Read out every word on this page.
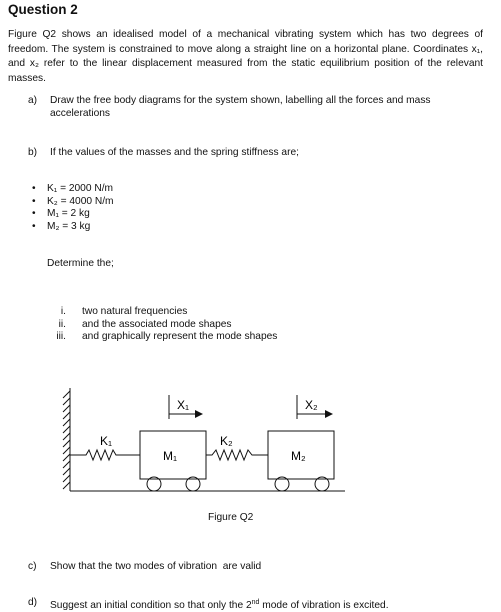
Question 2
Figure Q2 shows an idealised model of a mechanical vibrating system which has two degrees of freedom. The system is constrained to move along a straight line on a horizontal plane. Coordinates x₁, and x₂ refer to the linear displacement measured from the static equilibrium position of the relevant masses.
a) Draw the free body diagrams for the system shown, labelling all the forces and mass
accelerations
b) If the values of the masses and the spring stiffness are;
• K₁ = 2000 N/m
• K₂ = 4000 N/m
• M₁ = 2 kg
• M₂ = 3 kg
Determine the;
i. two natural frequencies
ii. and the associated mode shapes
iii. and graphically represent the mode shapes
K₁	K₂
M₁	M₂
X₁	X₂
Figure Q2
c) Show that the two modes of vibration  are valid
d) Suggest an initial condition so that only the 2nd mode of vibration is excited.
